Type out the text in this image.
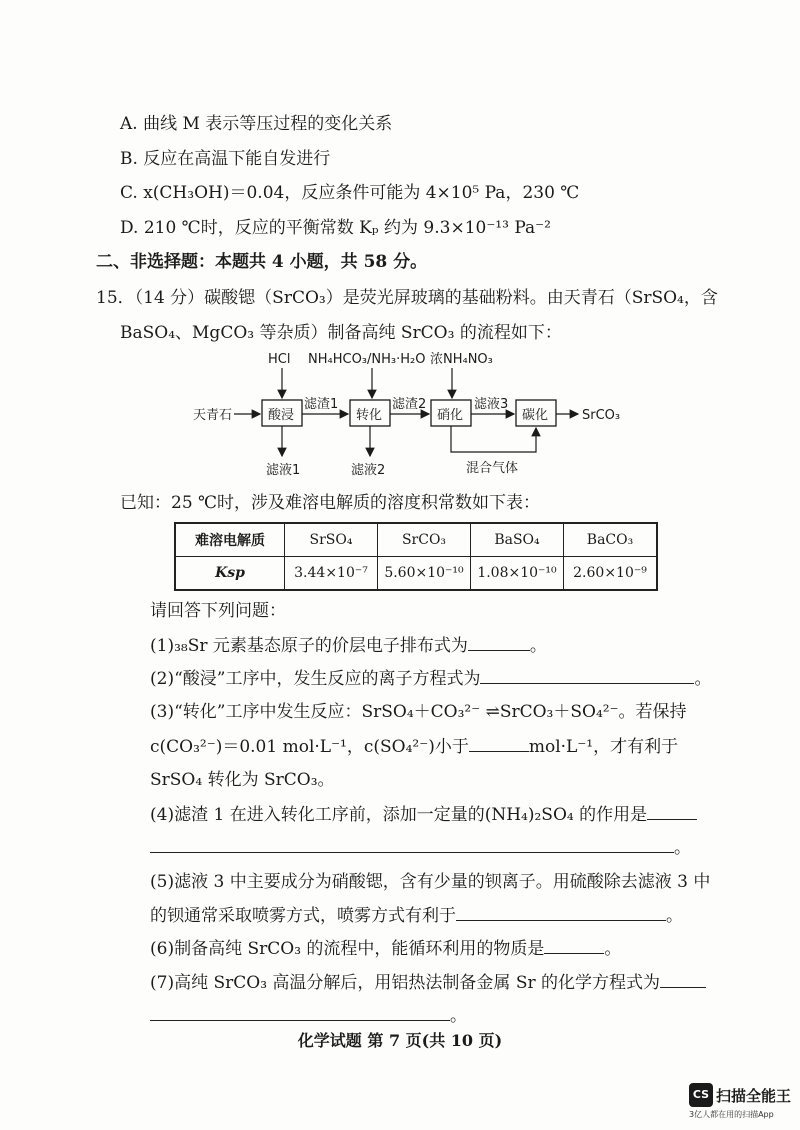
A. 曲线 M 表示等压过程的变化关系
B. 反应在高温下能自发进行
C. x(CH₃OH)＝0.04，反应条件可能为 4×10⁵ Pa，230 ℃
D. 210 ℃时，反应的平衡常数 Kₚ 约为 9.3×10⁻¹³ Pa⁻²
二、非选择题：本题共 4 小题，共 58 分。
15．（14 分）碳酸锶（SrCO₃）是荧光屏玻璃的基础粉料。由天青石（SrSO₄，含
BaSO₄、MgCO₃ 等杂质）制备高纯 SrCO₃ 的流程如下：
HCl NH₄HCO₃/NH₃·H₂O 浓NH₄NO₃
天青石	酸浸	转化	硝化	碳化
滤渣1	滤渣2	滤液3
SrCO₃
滤液1	滤液2	混合气体
已知：25 ℃时，涉及难溶电解质的溶度积常数如下表：
难溶电解质	SrSO₄	SrCO₃	BaSO₄	BaCO₃
Ksp	3.44×10⁻⁷	5.60×10⁻¹⁰	1.08×10⁻¹⁰	2.60×10⁻⁹
请回答下列问题：
(1)₃₈Sr 元素基态原子的价层电子排布式为	。
(2)“酸浸”工序中，发生反应的离子方程式为	。
(3)“转化”工序中发生反应：SrSO₄＋CO₃²⁻ ⇌SrCO₃＋SO₄²⁻。若保持
c(CO₃²⁻)＝0.01 mol·L⁻¹，c(SO₄²⁻)小于	mol·L⁻¹，才有利于
SrSO₄ 转化为 SrCO₃。
(4)滤渣 1 在进入转化工序前，添加一定量的(NH₄)₂SO₄ 的作用是
。
(5)滤液 3 中主要成分为硝酸锶，含有少量的钡离子。用硫酸除去滤液 3 中
的钡通常采取喷雾方式，喷雾方式有利于	。
(6)制备高纯 SrCO₃ 的流程中，能循环利用的物质是	。
(7)高纯 SrCO₃ 高温分解后，用铝热法制备金属 Sr 的化学方程式为
。
化学试题 第 7 页(共 10 页)
CS 扫描全能王
3亿人都在用的扫描App
